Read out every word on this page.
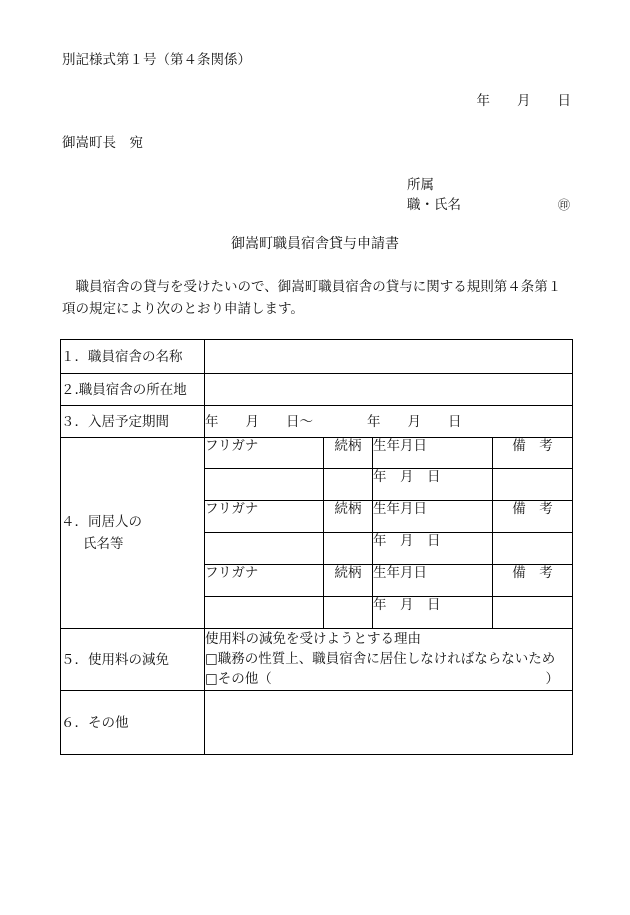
別記様式第１号（第４条関係）
年　　月　　日
御嵩町長　宛
所属
職・氏名	㊞
御嵩町職員宿舎貸与申請書
　職員宿舎の貸与を受けたいので、御嵩町職員宿舎の貸与に関する規則第４条第１
項の規定により次のとおり申請します。
１．職員宿舎の名称				
２.職員宿舎の所在地				
３．入居予定期間	年　　月　　日～　　　　年　　月　　日			

４．同居人の
氏名等	フリガナ	続柄	生年月日	備　考
			年　月　日	
	フリガナ	続柄	生年月日	備　考
			年　月　日	
	フリガナ	続柄	生年月日	備　考
			年　月　日	
５．使用料の減免	使用料の減免を受けようとする理由
□職務の性質上、職員宿舎に居住しなければならないため
□その他（ ）			

６．その他				
